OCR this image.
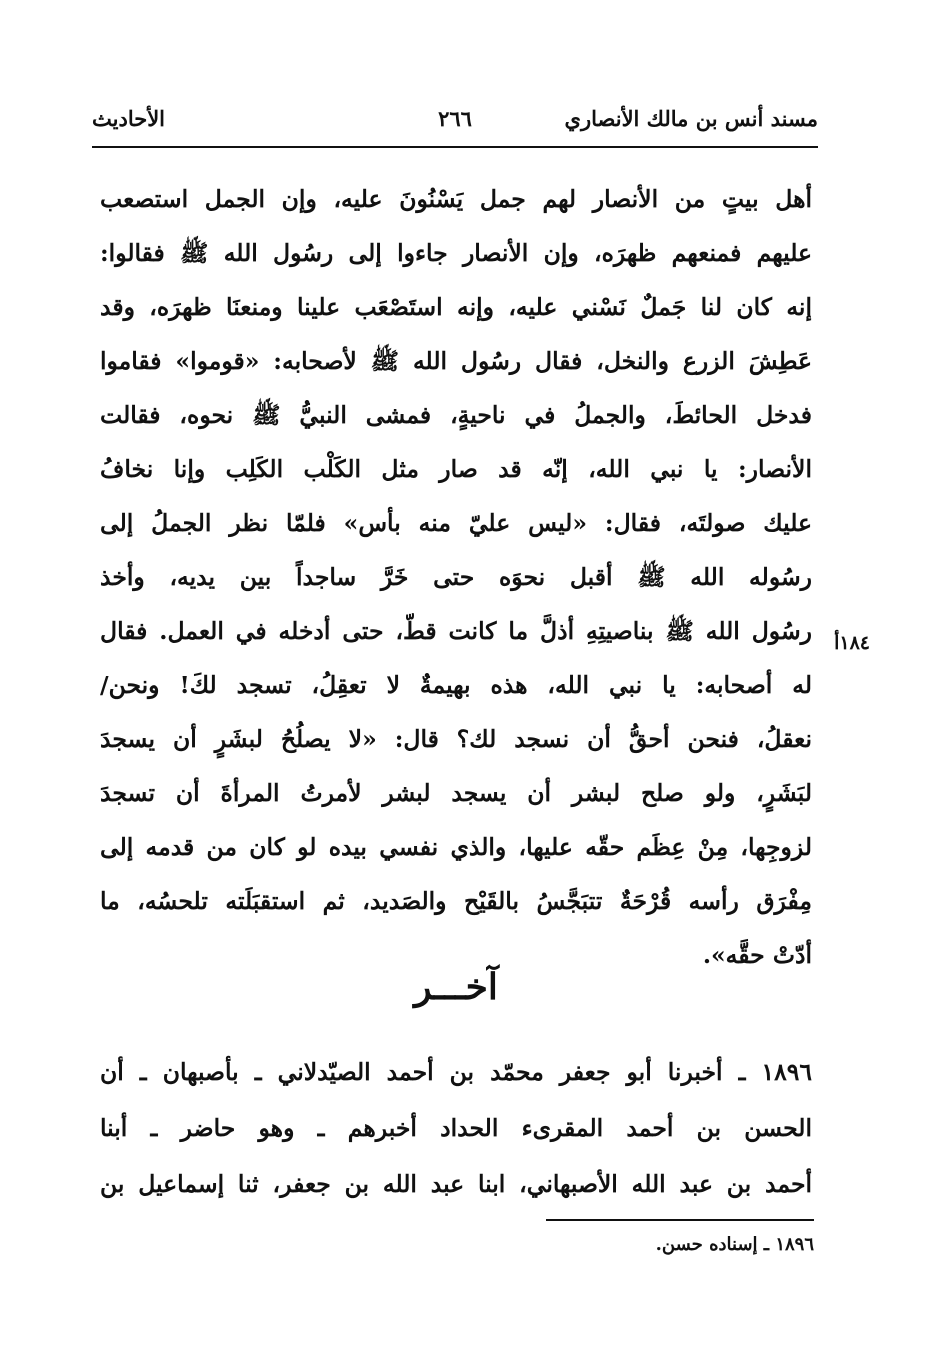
مسند أنس بن مالك الأنصاري
٢٦٦
الأحاديث
١٨٤أ
أهل بيتٍ من الأنصار لهم جمل يَسْنُونَ عليه، وإن الجمل استصعب
عليهم فمنعهم ظهرَه، وإن الأنصار جاءوا إلى رسُول الله ﷺ فقالوا:
إنه كان لنا جَملٌ نَسْني عليه، وإنه استَصْعَب علينا ومنعنَا ظهرَه، وقد
عَطِشَ الزرع والنخل، فقال رسُول الله ﷺ لأصحابه: «قوموا» فقاموا
فدخل الحائطَ، والجملُ في ناحيةٍ، فمشى النبيُّ ﷺ نحوه، فقالت
الأنصار: يا نبي الله، إنّه قد صار مثل الكَلْب الكَلِب وإنا نخافُ
عليك صولتَه، فقال: «ليس عليّ منه بأس» فلمّا نظر الجملُ إلى
رسُوله الله ﷺ أقبل نحوَه حتى خَرَّ ساجداً بين يديه، وأخذ
رسُول الله ﷺ بناصيتِهِ أذلَّ ما كانت قطّ، حتى أدخله في العمل. فقال
له أصحابه: يا نبي الله، هذه بهيمةٌ لا تعقِلُ، تسجد لكَ! ونحن/
نعقلُ، فنحن أحقُّ أن نسجد لك؟ قال: «لا يصلُحُ لبشَرٍ أن يسجدَ
لبَشَرٍ، ولو صلح لبشر أن يسجد لبشر لأمرتُ المرأةَ أن تسجدَ
لزوجِها، مِنْ عِظَم حقّه عليها، والذي نفسي بيده لو كان من قدمه إلى
مِفْرَق رأسه قُرْحَةٌ تتبَجَّسُ بالقَيْح والصَديد، ثم استقبَلَته تلحسُه، ما
أدّتْ حقَّه».
آخـــر
١٨٩٦ ـ أخبرنا أبو جعفر محمّد بن أحمد الصيّدلاني ـ بأصبهان ـ أن
الحسن بن أحمد المقرىء الحداد أخبرهم ـ وهو حاضر ـ أبنا
أحمد بن عبد الله الأصبهاني، ابنا عبد الله بن جعفر، ثنا إسماعيل بن
١٨٩٦ ـ إسناده حسن.
